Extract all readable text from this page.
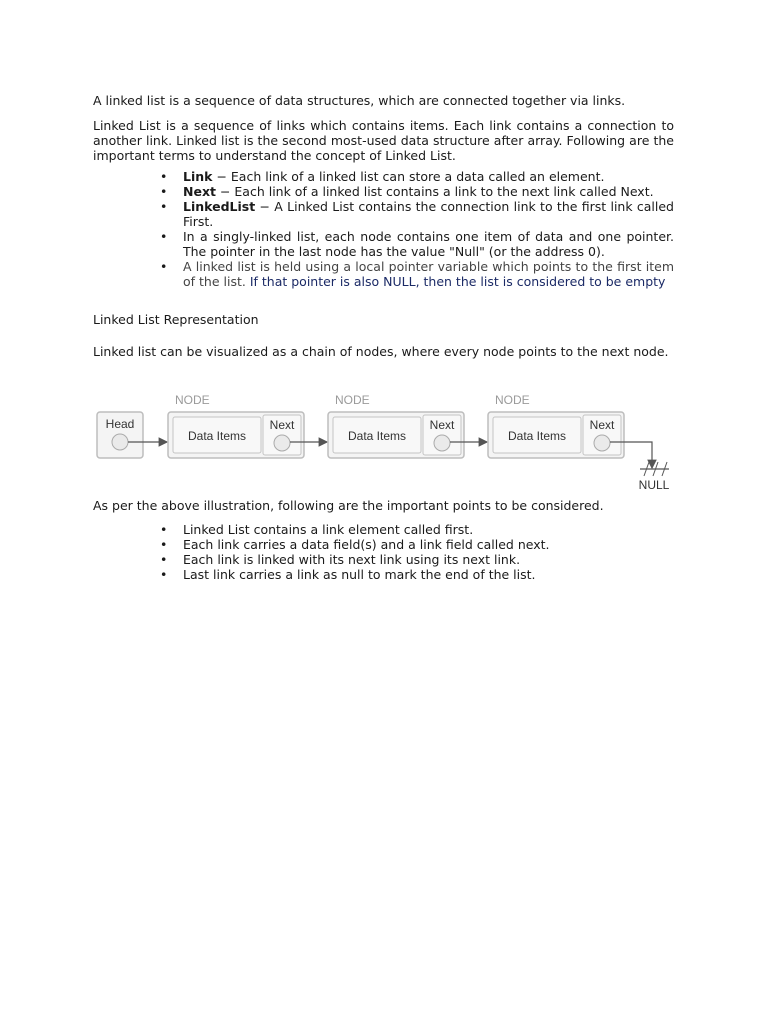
A linked list is a sequence of data structures, which are connected together via links.

Linked List is a sequence of links which contains items. Each link contains a connection to another link. Linked list is the second most-used data structure after array. Following are the important terms to understand the concept of Linked List.

• Link − Each link of a linked list can store a data called an element.
• Next − Each link of a linked list contains a link to the next link called Next.
• LinkedList − A Linked List contains the connection link to the first link called First.
• In a singly-linked list, each node contains one item of data and one pointer. The pointer in the last node has the value "Null" (or the address 0).
• A linked list is held using a local pointer variable which points to the first item of the list. If that pointer is also NULL, then the list is considered to be empty

Linked List Representation

Linked list can be visualized as a chain of nodes, where every node points to the next node.

Head
NODE
Data Items
Next
NODE
Data Items
Next
NODE
Data Items
Next
NULL

As per the above illustration, following are the important points to be considered.

• Linked List contains a link element called first.
• Each link carries a data field(s) and a link field called next.
• Each link is linked with its next link using its next link.
• Last link carries a link as null to mark the end of the list.
